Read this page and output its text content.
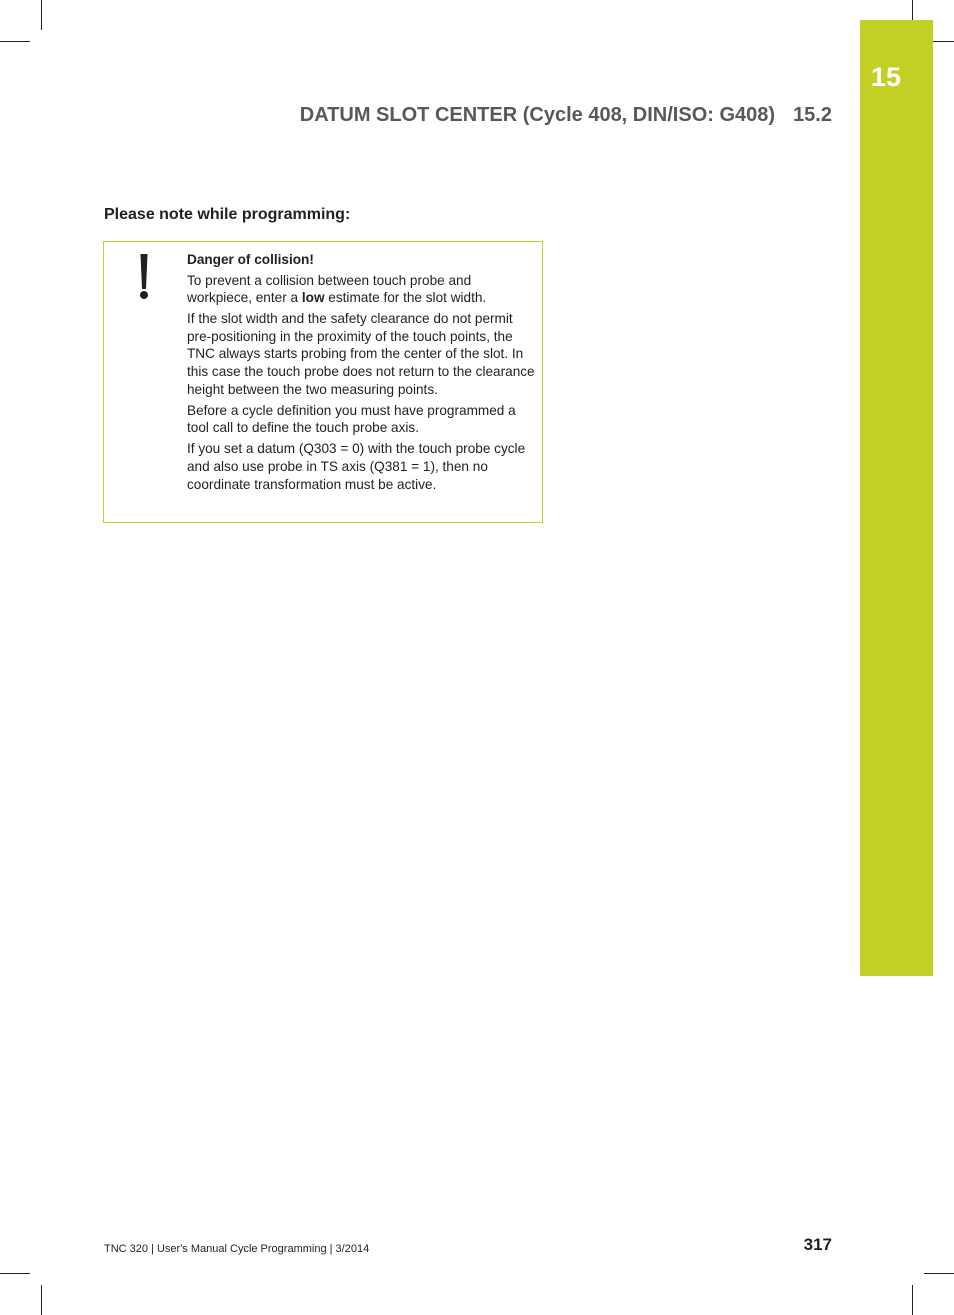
15
DATUM SLOT CENTER (Cycle 408, DIN/ISO: G408) 15.2
Please note while programming:

Danger of collision!

To prevent a collision between touch probe and workpiece, enter a low estimate for the slot width.

If the slot width and the safety clearance do not permit pre-positioning in the proximity of the touch points, the TNC always starts probing from the center of the slot. In this case the touch probe does not return to the clearance height between the two measuring points.

Before a cycle definition you must have programmed a tool call to define the touch probe axis.

If you set a datum (Q303 = 0) with the touch probe cycle and also use probe in TS axis (Q381 = 1), then no coordinate transformation must be active.

TNC 320 | User's Manual Cycle Programming | 3/2014	317
